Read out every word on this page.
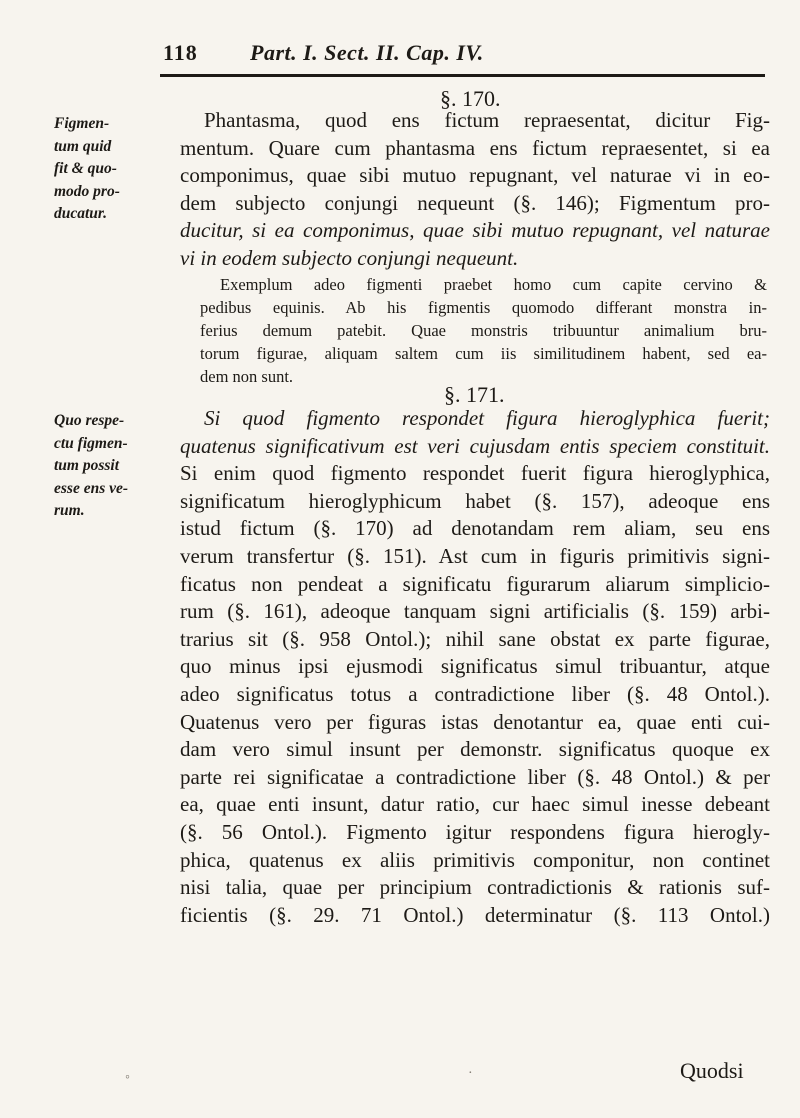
118 Part. I. Sect. II. Cap. IV.
§. 170.
Figmen-
tum quid
fit & quo-
modo pro-
ducatur.
Phantasma, quod ens fictum repraesentat, dicitur Fig-
mentum. Quare cum phantasma ens fictum repraesentet, si ea
componimus, quae sibi mutuo repugnant, vel naturae vi in eo-
dem subjecto conjungi nequeunt (§. 146); Figmentum pro-
ducitur, si ea componimus, quae sibi mutuo repugnant, vel naturae
vi in eodem subjecto conjungi nequeunt.
Exemplum adeo figmenti praebet homo cum capite cervino &
pedibus equinis. Ab his figmentis quomodo differant monstra in-
ferius demum patebit. Quae monstris tribuuntur animalium bru-
torum figurae, aliquam saltem cum iis similitudinem habent, sed ea-
dem non sunt.
§. 171.
Quo respe-
ctu figmen-
tum possit
esse ens ve-
rum.
Si quod figmento respondet figura hieroglyphica fuerit;
quatenus significativum est veri cujusdam entis speciem constituit.
Si enim quod figmento respondet fuerit figura hieroglyphica,
significatum hieroglyphicum habet (§. 157), adeoque ens
istud fictum (§. 170) ad denotandam rem aliam, seu ens
verum transfertur (§. 151). Ast cum in figuris primitivis signi-
ficatus non pendeat a significatu figurarum aliarum simplicio-
rum (§. 161), adeoque tanquam signi artificialis (§. 159) arbi-
trarius sit (§. 958 Ontol.); nihil sane obstat ex parte figurae,
quo minus ipsi ejusmodi significatus simul tribuantur, atque
adeo significatus totus a contradictione liber (§. 48 Ontol.).
Quatenus vero per figuras istas denotantur ea, quae enti cui-
dam vero simul insunt per demonstr. significatus quoque ex
parte rei significatae a contradictione liber (§. 48 Ontol.) & per
ea, quae enti insunt, datur ratio, cur haec simul inesse debeant
(§. 56 Ontol.). Figmento igitur respondens figura hierogly-
phica, quatenus ex aliis primitivis componitur, non continet
nisi talia, quae per principium contradictionis & rationis suf-
ficientis (§. 29. 71 Ontol.) determinatur (§. 113 Ontol.)
Quodsi
◦	·
